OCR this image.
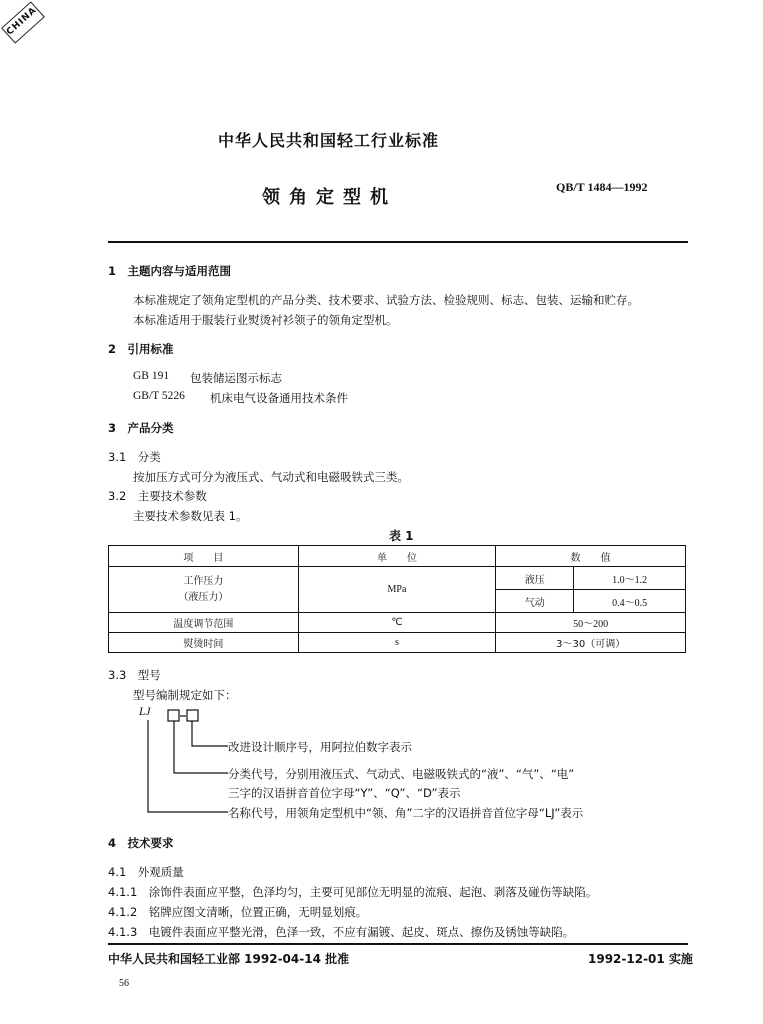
CHINA
中华人民共和国轻工行业标准
领角定型机	QB/T 1484—1992
1　主题内容与适用范围
本标准规定了领角定型机的产品分类、技术要求、试验方法、检验规则、标志、包装、运输和贮存。
本标准适用于服装行业熨烫衬衫领子的领角定型机。
2　引用标准
GB 191 包装储运图示标志
GB/T 5226 机床电气设备通用技术条件
3　产品分类
3.1　分类
按加压方式可分为液压式、气动式和电磁吸铁式三类。
3.2　主要技术参数
主要技术参数见表 1。
表 1
项　　目	单　　位	数　　值	
工作压力
（液压力）	MPa	液压	1.0～1.2
		气动	0.4～0.5
温度调节范围	℃	50～200	
熨烫时间	s	3～30（可调）	
3.3　型号
型号编制规定如下：
LJ
改进设计顺序号，用阿拉伯数字表示
分类代号，分别用液压式、气动式、电磁吸铁式的“液”、“气”、“电”
三字的汉语拼音首位字母“Y”、“Q”、“D”表示
名称代号，用领角定型机中“领、角”二字的汉语拼音首位字母“LJ”表示
4　技术要求
4.1　外观质量
4.1.1　涂饰件表面应平整，色泽均匀，主要可见部位无明显的流痕、起泡、剥落及碰伤等缺陷。
4.1.2　铭牌应图文清晰，位置正确，无明显划痕。
4.1.3　电镀件表面应平整光滑，色泽一致，不应有漏镀、起皮、斑点、擦伤及锈蚀等缺陷。
中华人民共和国轻工业部 1992-04-14 批准	1992-12-01 实施
56
